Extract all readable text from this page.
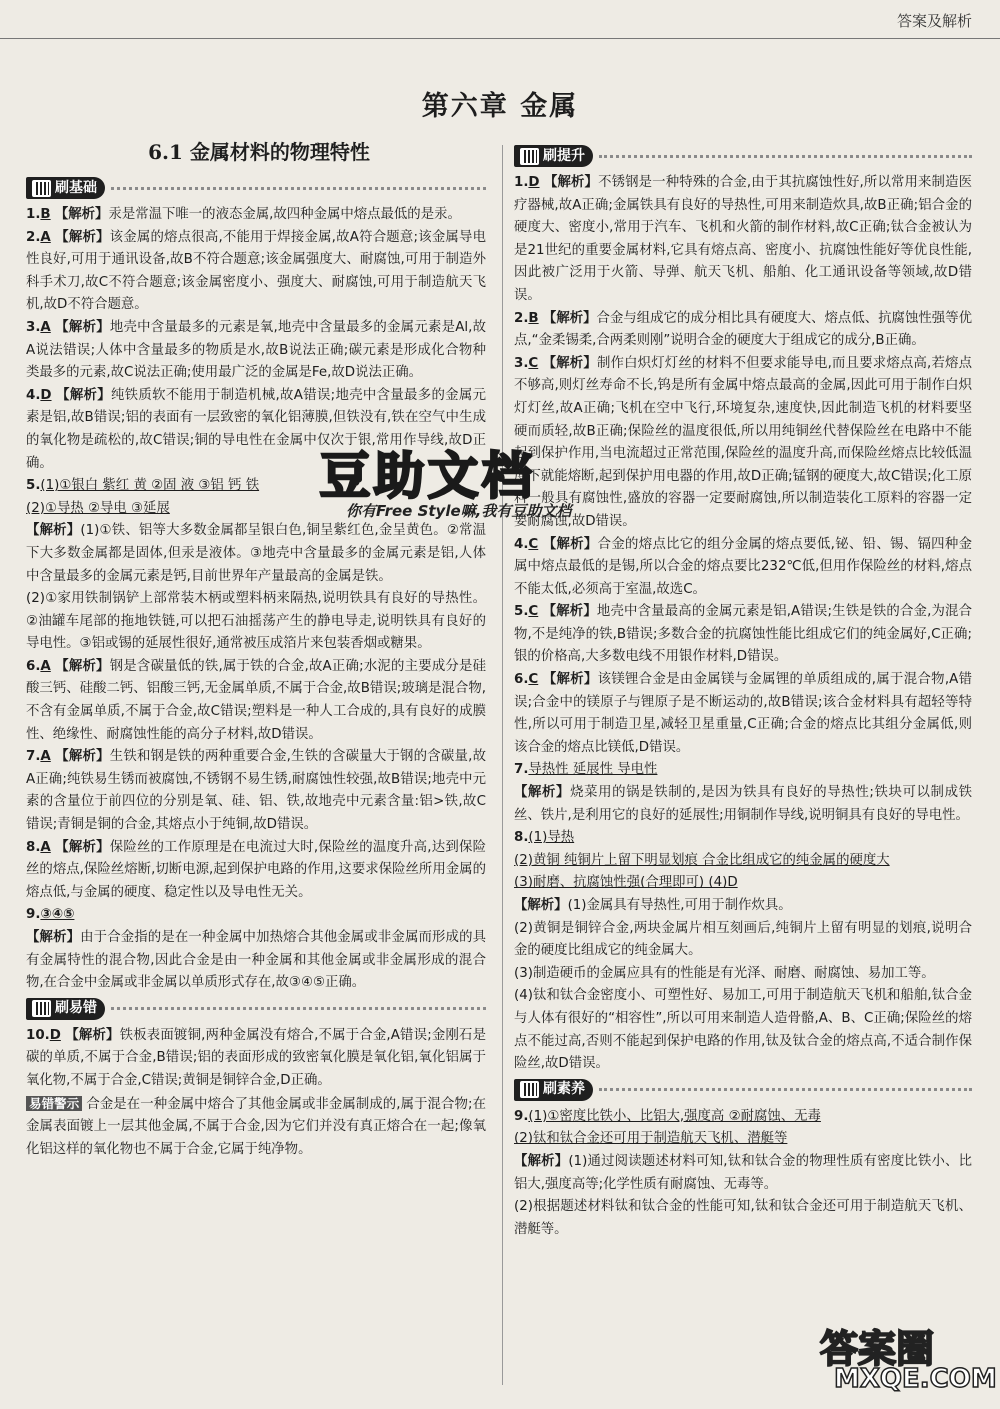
答案及解析
第六章 金属
6.1 金属材料的物理特性
刷基础
1.B 【解析】汞是常温下唯一的液态金属,故四种金属中熔点最低的是汞。
2.A 【解析】该金属的熔点很高,不能用于焊接金属,故A符合题意;该金属导电性良好,可用于通讯设备,故B不符合题意;该金属强度大、耐腐蚀,可用于制造外科手术刀,故C不符合题意;该金属密度小、强度大、耐腐蚀,可用于制造航天飞机,故D不符合题意。
3.A 【解析】地壳中含量最多的元素是氧,地壳中含量最多的金属元素是Al,故A说法错误;人体中含量最多的物质是水,故B说法正确;碳元素是形成化合物种类最多的元素,故C说法正确;使用最广泛的金属是Fe,故D说法正确。
4.D 【解析】纯铁质软不能用于制造机械,故A错误;地壳中含量最多的金属元素是铝,故B错误;铝的表面有一层致密的氧化铝薄膜,但铁没有,铁在空气中生成的氧化物是疏松的,故C错误;铜的导电性在金属中仅次于银,常用作导线,故D正确。
5.(1)①银白 紫红 黄 ②固 液 ③铝 钙 铁
(2)①导热 ②导电 ③延展
【解析】(1)①铁、铝等大多数金属都呈银白色,铜呈紫红色,金呈黄色。②常温下大多数金属都是固体,但汞是液体。③地壳中含量最多的金属元素是铝,人体中含量最多的金属元素是钙,目前世界年产量最高的金属是铁。
(2)①家用铁制锅铲上部常装木柄或塑料柄来隔热,说明铁具有良好的导热性。②油罐车尾部的拖地铁链,可以把石油摇荡产生的静电导走,说明铁具有良好的导电性。③铝或锡的延展性很好,通常被压成箔片来包装香烟或糖果。
6.A 【解析】钢是含碳量低的铁,属于铁的合金,故A正确;水泥的主要成分是硅酸三钙、硅酸二钙、铝酸三钙,无金属单质,不属于合金,故B错误;玻璃是混合物,不含有金属单质,不属于合金,故C错误;塑料是一种人工合成的,具有良好的成膜性、绝缘性、耐腐蚀性能的高分子材料,故D错误。
7.A 【解析】生铁和钢是铁的两种重要合金,生铁的含碳量大于钢的含碳量,故A正确;纯铁易生锈而被腐蚀,不锈钢不易生锈,耐腐蚀性较强,故B错误;地壳中元素的含量位于前四位的分别是氧、硅、铝、铁,故地壳中元素含量:铝>铁,故C错误;青铜是铜的合金,其熔点小于纯铜,故D错误。
8.A 【解析】保险丝的工作原理是在电流过大时,保险丝的温度升高,达到保险丝的熔点,保险丝熔断,切断电源,起到保护电路的作用,这要求保险丝所用金属的熔点低,与金属的硬度、稳定性以及导电性无关。
9.③④⑤
【解析】由于合金指的是在一种金属中加热熔合其他金属或非金属而形成的具有金属特性的混合物,因此合金是由一种金属和其他金属或非金属形成的混合物,在合金中金属或非金属以单质形式存在,故③④⑤正确。
刷易错
10.D 【解析】铁板表面镀铜,两种金属没有熔合,不属于合金,A错误;金刚石是碳的单质,不属于合金,B错误;铝的表面形成的致密氧化膜是氧化铝,氧化铝属于氧化物,不属于合金,C错误;黄铜是铜锌合金,D正确。
易错警示 合金是在一种金属中熔合了其他金属或非金属制成的,属于混合物;在金属表面镀上一层其他金属,不属于合金,因为它们并没有真正熔合在一起;像氧化铝这样的氧化物也不属于合金,它属于纯净物。
刷提升
1.D 【解析】不锈钢是一种特殊的合金,由于其抗腐蚀性好,所以常用来制造医疗器械,故A正确;金属铁具有良好的导热性,可用来制造炊具,故B正确;铝合金的硬度大、密度小,常用于汽车、飞机和火箭的制作材料,故C正确;钛合金被认为是21世纪的重要金属材料,它具有熔点高、密度小、抗腐蚀性能好等优良性能,因此被广泛用于火箭、导弹、航天飞机、船舶、化工通讯设备等领域,故D错误。
2.B 【解析】合金与组成它的成分相比具有硬度大、熔点低、抗腐蚀性强等优点,“金柔锡柔,合两柔则刚”说明合金的硬度大于组成它的成分,B正确。
3.C 【解析】制作白炽灯灯丝的材料不但要求能导电,而且要求熔点高,若熔点不够高,则灯丝寿命不长,钨是所有金属中熔点最高的金属,因此可用于制作白炽灯灯丝,故A正确;飞机在空中飞行,环境复杂,速度快,因此制造飞机的材料要坚硬而质轻,故B正确;保险丝的温度很低,所以用纯铜丝代替保险丝在电路中不能起到保护作用,当电流超过正常范围,保险丝的温度升高,而保险丝熔点比较低温度下就能熔断,起到保护用电器的作用,故D正确;锰钢的硬度大,故C错误;化工原料一般具有腐蚀性,盛放的容器一定要耐腐蚀,所以制造装化工原料的容器一定要耐腐蚀,故D错误。
4.C 【解析】合金的熔点比它的组分金属的熔点要低,铋、铅、锡、镉四种金属中熔点最低的是锡,所以合金的熔点要比232℃低,但用作保险丝的材料,熔点不能太低,必须高于室温,故选C。
5.C 【解析】地壳中含量最高的金属元素是铝,A错误;生铁是铁的合金,为混合物,不是纯净的铁,B错误;多数合金的抗腐蚀性能比组成它们的纯金属好,C正确;银的价格高,大多数电线不用银作材料,D错误。
6.C 【解析】该镁锂合金是由金属镁与金属锂的单质组成的,属于混合物,A错误;合金中的镁原子与锂原子是不断运动的,故B错误;该合金材料具有超轻等特性,所以可用于制造卫星,减轻卫星重量,C正确;合金的熔点比其组分金属低,则该合金的熔点比镁低,D错误。
7.导热性 延展性 导电性
【解析】烧菜用的锅是铁制的,是因为铁具有良好的导热性;铁块可以制成铁丝、铁片,是利用它的良好的延展性;用铜制作导线,说明铜具有良好的导电性。
8.(1)导热
(2)黄铜 纯铜片上留下明显划痕 合金比组成它的纯金属的硬度大
(3)耐磨、抗腐蚀性强(合理即可) (4)D
【解析】(1)金属具有导热性,可用于制作炊具。
(2)黄铜是铜锌合金,两块金属片相互刻画后,纯铜片上留有明显的划痕,说明合金的硬度比组成它的纯金属大。
(3)制造硬币的金属应具有的性能是有光泽、耐磨、耐腐蚀、易加工等。
(4)钛和钛合金密度小、可塑性好、易加工,可用于制造航天飞机和船舶,钛合金与人体有很好的“相容性”,所以可用来制造人造骨骼,A、B、C正确;保险丝的熔点不能过高,否则不能起到保护电路的作用,钛及钛合金的熔点高,不适合制作保险丝,故D错误。
刷素养
9.(1)①密度比铁小、比铝大,强度高 ②耐腐蚀、无毒
(2)钛和钛合金还可用于制造航天飞机、潜艇等
【解析】(1)通过阅读题述材料可知,钛和钛合金的物理性质有密度比铁小、比铝大,强度高等;化学性质有耐腐蚀、无毒等。
(2)根据题述材料钛和钛合金的性能可知,钛和钛合金还可用于制造航天飞机、潜艇等。
豆助文档
你有Free Style嘛,我有豆助文档
答案圈
MXQE.COM
